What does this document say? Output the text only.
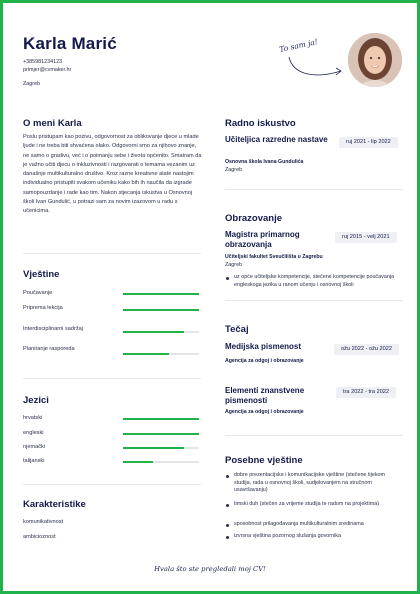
Karla Marić
+385981234123
primjer@cvmaker.hr
Zagreb
To sam ja!
O meni Karla
Poslu pristupam kao pozivu, odgovornost za oblikovanje djece u mlade ljude i ne treba biti shvaćena olako. Odgovorni smo za njihovo znanje, ne samo o gradivu, već i o poimanju sebe i života općenito. Smatram da je važno učiti djecu o inkluzivnosti i razgovarati o temama vezanim uz današnje multikulturalno društvo. Kroz razne kreativne alate nastojim individualno pristupiti svakom učeniku kako bih ih naučila da izgrade samopouzdanje i rade kao tim. Nakon stjecanja iskustva u Osnovnoj školi Ivan Gundulić, u potrazi sam za novim izazovom u radu s učenicima.
Vještine
Poučavanje
Priprema lekcija
Interdisciplinarni sadržaj
Planiranje rasporeda
Jezici
hrvatski
engleski
njemački
talijanski
Karakteristike
komunikativnost
ambicioznost
Radno iskustvo
Učiteljica razredne nastave	ruj 2021 - lip 2022
Osnovna škola Ivana Gundulića
Zagreb
Obrazovanje
Magistra primarnog obrazovanja
ruj 2015 - velj 2021
Učiteljski fakultet Sveučilišta u Zagrebu
Zagreb
uz opće učiteljske kompetencije, stečene kompetencije poučavanja engleskoga jezika u ranom učenju i osnovnoj školi
Tečaj
Medijska pismenost	ožu 2022 - ožu 2022
Agencija za odgoj i obrazovanje
Elementi znanstvene pismenosti
tra 2022 - tra 2022
Agencija za odgoj i obrazovanje
Posebne vještine
dobre prezentacijske i komunikacijske vještine (stečene tijekom studija, rada u osnovnoj školi, sudjelovanjem na stručnom usavršavanju)
timski duh (stečen za vrijeme studija te radom na projektima)
sposobnost prilagođavanja multikulturalnim sredinama
izvrsna vještina pozornog slušanja govornika
Hvala što ste pregledali moj CV!
